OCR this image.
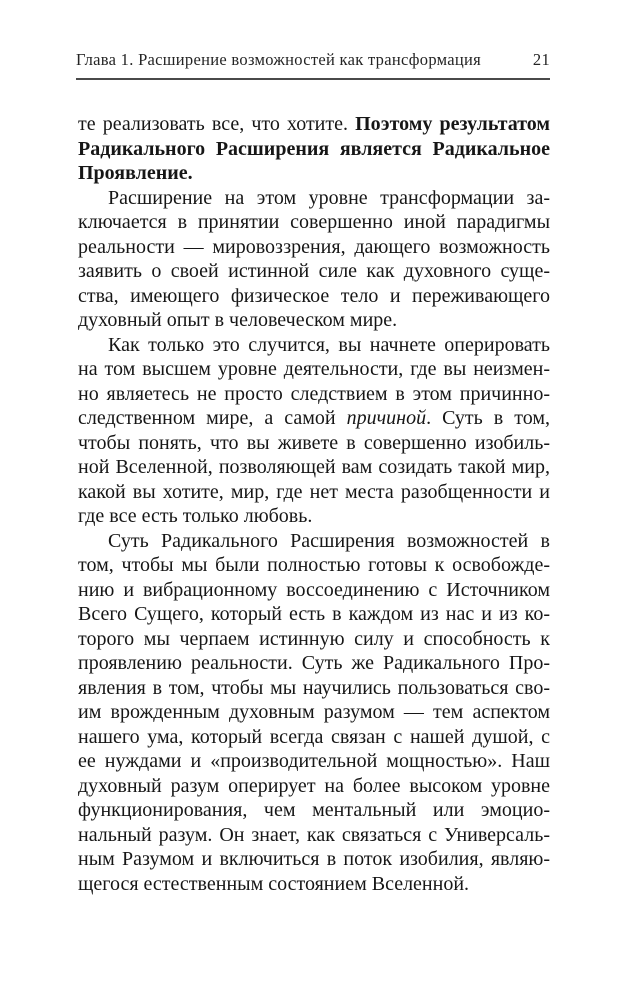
Глава 1. Расширение возможностей как трансформация	21
те реализовать все, что хотите. Поэтому результатом
Радикального Расширения является Радикальное
Проявление.
Расширение на этом уровне трансформации за-
ключается в принятии совершенно иной парадигмы
реальности — мировоззрения, дающего возможность
заявить о своей истинной силе как духовного суще-
ства, имеющего физическое тело и переживающего
духовный опыт в человеческом мире.
Как только это случится, вы начнете оперировать
на том высшем уровне деятельности, где вы неизмен-
но являетесь не просто следствием в этом причинно-
следственном мире, а самой причиной. Суть в том,
чтобы понять, что вы живете в совершенно изобиль-
ной Вселенной, позволяющей вам созидать такой мир,
какой вы хотите, мир, где нет места разобщенности и
где все есть только любовь.
Суть Радикального Расширения возможностей в
том, чтобы мы были полностью готовы к освобожде-
нию и вибрационному воссоединению с Источником
Всего Сущего, который есть в каждом из нас и из ко-
торого мы черпаем истинную силу и способность к
проявлению реальности. Суть же Радикального Про-
явления в том, чтобы мы научились пользоваться сво-
им врожденным духовным разумом — тем аспектом
нашего ума, который всегда связан с нашей душой, с
ее нуждами и «производительной мощностью». Наш
духовный разум оперирует на более высоком уровне
функционирования, чем ментальный или эмоцио-
нальный разум. Он знает, как связаться с Универсаль-
ным Разумом и включиться в поток изобилия, являю-
щегося естественным состоянием Вселенной.
